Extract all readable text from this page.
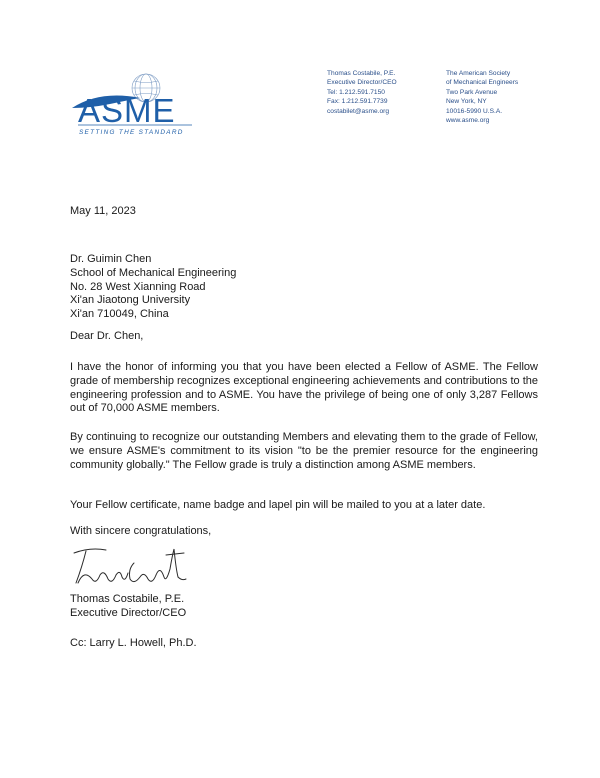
ASME
SETTING THE STANDARD
Thomas Costabile, P.E.
Executive Director/CEO
Tel: 1.212.591.7150
Fax: 1.212.591.7739
costabilet@asme.org
The American Society
of Mechanical Engineers
Two Park Avenue
New York, NY
10016-5990 U.S.A.
www.asme.org
May 11, 2023
Dr. Guimin Chen
School of Mechanical Engineering
No. 28 West Xianning Road
Xi'an Jiaotong University
Xi'an 710049, China
Dear Dr. Chen,
I have the honor of informing you that you have been elected a Fellow of ASME. The Fellow grade of membership recognizes exceptional engineering achievements and contributions to the engineering profession and to ASME. You have the privilege of being one of only 3,287 Fellows out of 70,000 ASME members.
By continuing to recognize our outstanding Members and elevating them to the grade of Fellow, we ensure ASME's commitment to its vision "to be the premier resource for the engineering community globally." The Fellow grade is truly a distinction among ASME members.
Your Fellow certificate, name badge and lapel pin will be mailed to you at a later date.
With sincere congratulations,
Thomas Costabile, P.E.
Executive Director/CEO
Cc: Larry L. Howell, Ph.D.
